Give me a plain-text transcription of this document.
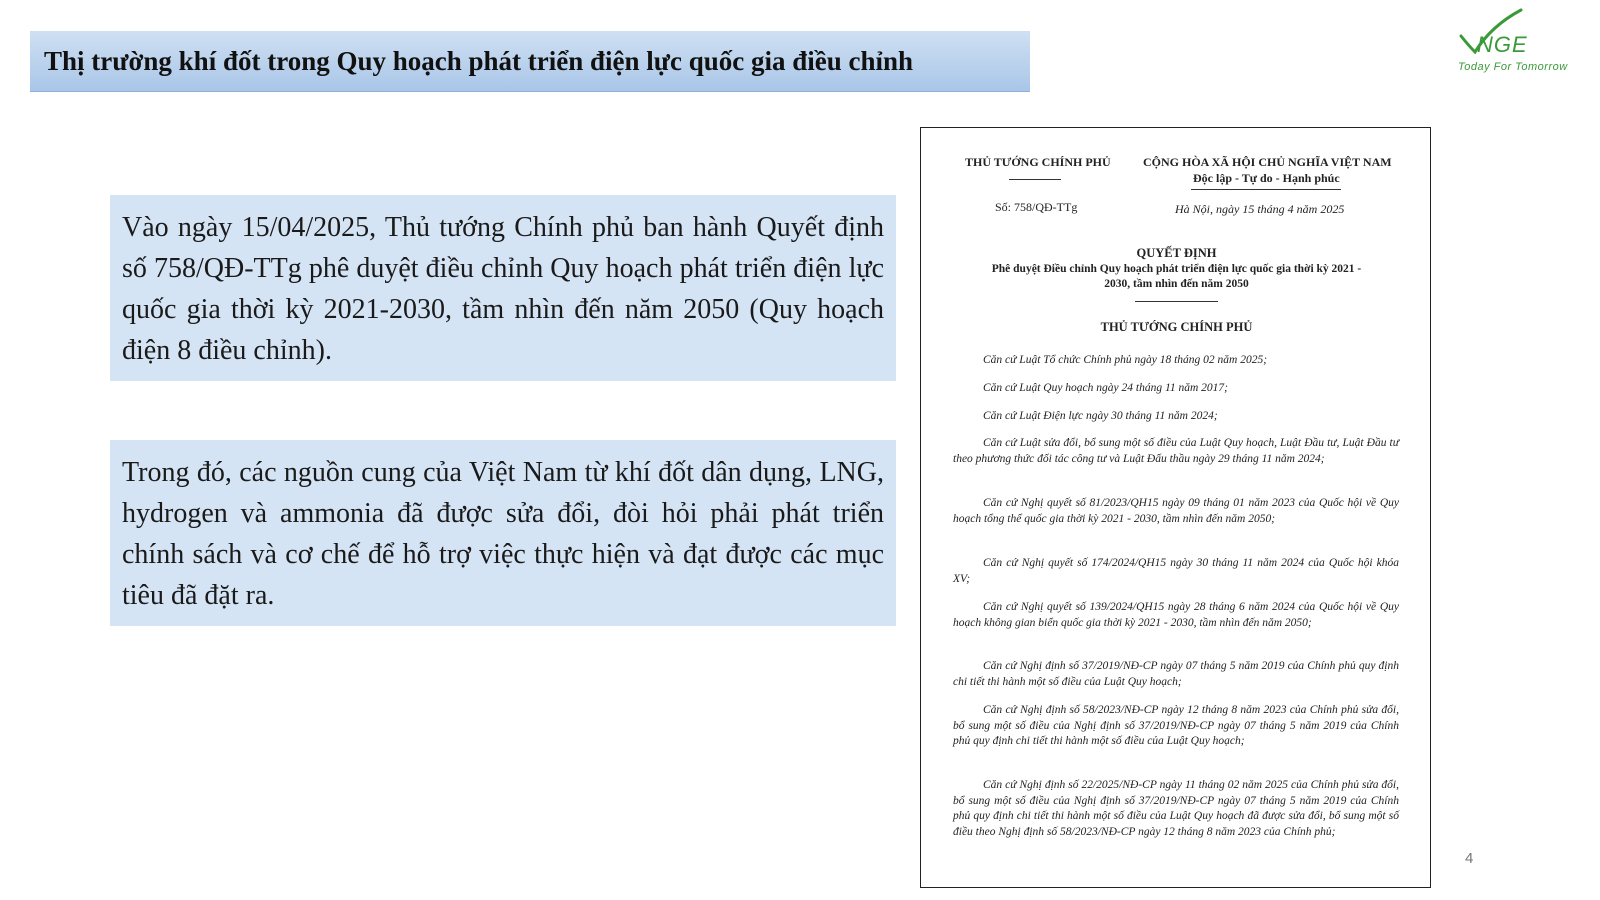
Thị trường khí đốt trong Quy hoạch phát triển điện lực quốc gia điều chỉnh
NGE
Today For Tomorrow
Vào ngày 15/04/2025, Thủ tướng Chính phủ ban hành Quyết định số 758/QĐ-TTg phê duyệt điều chỉnh Quy hoạch phát triển điện lực quốc gia thời kỳ 2021-2030, tầm nhìn đến năm 2050 (Quy hoạch điện 8 điều chỉnh).
Trong đó, các nguồn cung của Việt Nam từ khí đốt dân dụng, LNG, hydrogen và ammonia đã được sửa đổi, đòi hỏi phải phát triển chính sách và cơ chế để hỗ trợ việc thực hiện và đạt được các mục tiêu đã đặt ra.
THỦ TƯỚNG CHÍNH PHỦ	CỘNG HÒA XÃ HỘI CHỦ NGHĨA VIỆT NAM
Độc lập - Tự do - Hạnh phúc
Số: 758/QĐ-TTg	Hà Nội, ngày 15 tháng 4 năm 2025
QUYẾT ĐỊNH
Phê duyệt Điều chỉnh Quy hoạch phát triển điện lực quốc gia thời kỳ 2021 - 2030, tầm nhìn đến năm 2050
THỦ TƯỚNG CHÍNH PHỦ
Căn cứ Luật Tổ chức Chính phủ ngày 18 tháng 02 năm 2025;
Căn cứ Luật Quy hoạch ngày 24 tháng 11 năm 2017;
Căn cứ Luật Điện lực ngày 30 tháng 11 năm 2024;
Căn cứ Luật sửa đổi, bổ sung một số điều của Luật Quy hoạch, Luật Đầu tư, Luật Đầu tư theo phương thức đối tác công tư và Luật Đấu thầu ngày 29 tháng 11 năm 2024;
Căn cứ Nghị quyết số 81/2023/QH15 ngày 09 tháng 01 năm 2023 của Quốc hội về Quy hoạch tổng thể quốc gia thời kỳ 2021 - 2030, tầm nhìn đến năm 2050;
Căn cứ Nghị quyết số 174/2024/QH15 ngày 30 tháng 11 năm 2024 của Quốc hội khóa XV;
Căn cứ Nghị quyết số 139/2024/QH15 ngày 28 tháng 6 năm 2024 của Quốc hội về Quy hoạch không gian biển quốc gia thời kỳ 2021 - 2030, tầm nhìn đến năm 2050;
Căn cứ Nghị định số 37/2019/NĐ-CP ngày 07 tháng 5 năm 2019 của Chính phủ quy định chi tiết thi hành một số điều của Luật Quy hoạch;
Căn cứ Nghị định số 58/2023/NĐ-CP ngày 12 tháng 8 năm 2023 của Chính phủ sửa đổi, bổ sung một số điều của Nghị định số 37/2019/NĐ-CP ngày 07 tháng 5 năm 2019 của Chính phủ quy định chi tiết thi hành một số điều của Luật Quy hoạch;
Căn cứ Nghị định số 22/2025/NĐ-CP ngày 11 tháng 02 năm 2025 của Chính phủ sửa đổi, bổ sung một số điều của Nghị định số 37/2019/NĐ-CP ngày 07 tháng 5 năm 2019 của Chính phủ quy định chi tiết thi hành một số điều của Luật Quy hoạch đã được sửa đổi, bổ sung một số điều theo Nghị định số 58/2023/NĐ-CP ngày 12 tháng 8 năm 2023 của Chính phủ;
4
